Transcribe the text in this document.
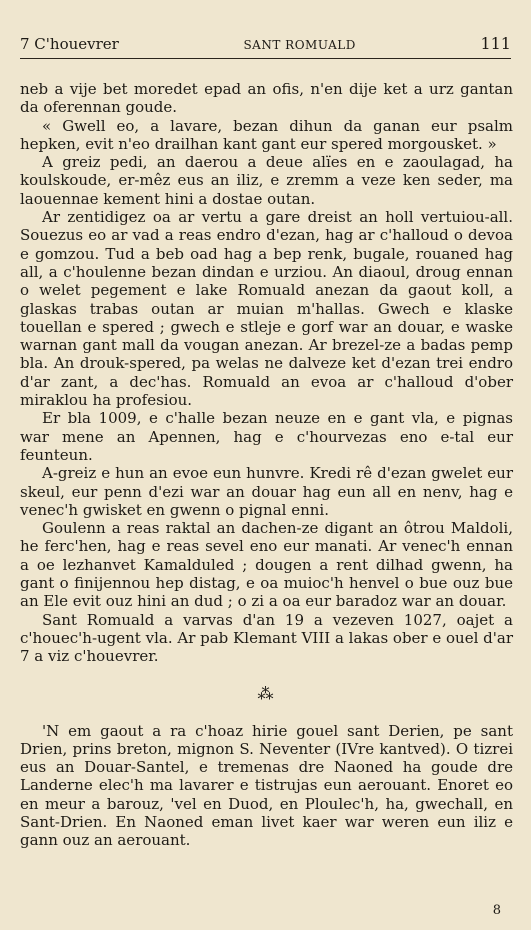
7 C'houevrer	SANT ROMUALD	111

neb a vije bet moredet epad an ofis, n'en dije ket a urz gantan da oferennan goude.

« Gwell eo, a lavare, bezan dihun da ganan eur psalm hepken, evit n'eo drailhan kant gant eur spered morgousket. »

A greiz pedi, an daerou a deue alïes en e zaoulagad, ha koulskoude, er-mêz eus an iliz, e zremm a veze ken seder, ma laouennae kement hini a dostae outan.

Ar zentidigez oa ar vertu a gare dreist an holl vertuiou-all. Souezus eo ar vad a reas endro d'ezan, hag ar c'halloud o devoa e gomzou. Tud a beb oad hag a bep renk, bugale, rouaned hag all, a c'houlenne bezan dindan e urziou. An diaoul, droug ennan o welet pegement e lake Romuald anezan da gaout koll, a glaskas trabas outan ar muian m'hallas. Gwech e klaske touellan e spered ; gwech e stleje e gorf war an douar, e waske warnan gant mall da vougan anezan. Ar brezel-ze a badas pemp bla. An drouk-spered, pa welas ne dalveze ket d'ezan trei endro d'ar zant, a dec'has. Romuald an evoa ar c'halloud d'ober miraklou ha profesiou.

Er bla 1009, e c'halle bezan neuze en e gant vla, e pignas war mene an Apennen, hag e c'hourvezas eno e-tal eur feunteun.

A-greiz e hun an evoe eun hunvre. Kredi rê d'ezan gwelet eur skeul, eur penn d'ezi war an douar hag eun all en nenv, hag e venec'h gwisket en gwenn o pignal enni.

Goulenn a reas raktal an dachen-ze digant an ôtrou Maldoli, he ferc'hen, hag e reas sevel eno eur manati. Ar venec'h ennan a oe lezhanvet Kamalduled ; dougen a rent dilhad gwenn, ha gant o finijennou hep distag, e oa muioc'h henvel o bue ouz bue an Ele evit ouz hini an dud ; o zi a oa eur baradoz war an douar.

Sant Romuald a varvas d'an 19 a vezeven 1027, oajet a c'houec'h-ugent vla. Ar pab Klemant VIII a lakas ober e ouel d'ar 7 a viz c'houevrer.

⁂

'N em gaout a ra c'hoaz hirie gouel sant Derien, pe sant Drien, prins breton, mignon S. Neventer (IVre kantved). O tizrei eus an Douar-Santel, e tremenas dre Naoned ha goude dre Landerne elec'h ma lavarer e tistrujas eun aerouant. Enoret eo en meur a barouz, 'vel en Duod, en Ploulec'h, ha, gwechall, en Sant-Drien. En Naoned eman livet kaer war weren eun iliz e gann ouz an aerouant.

8
